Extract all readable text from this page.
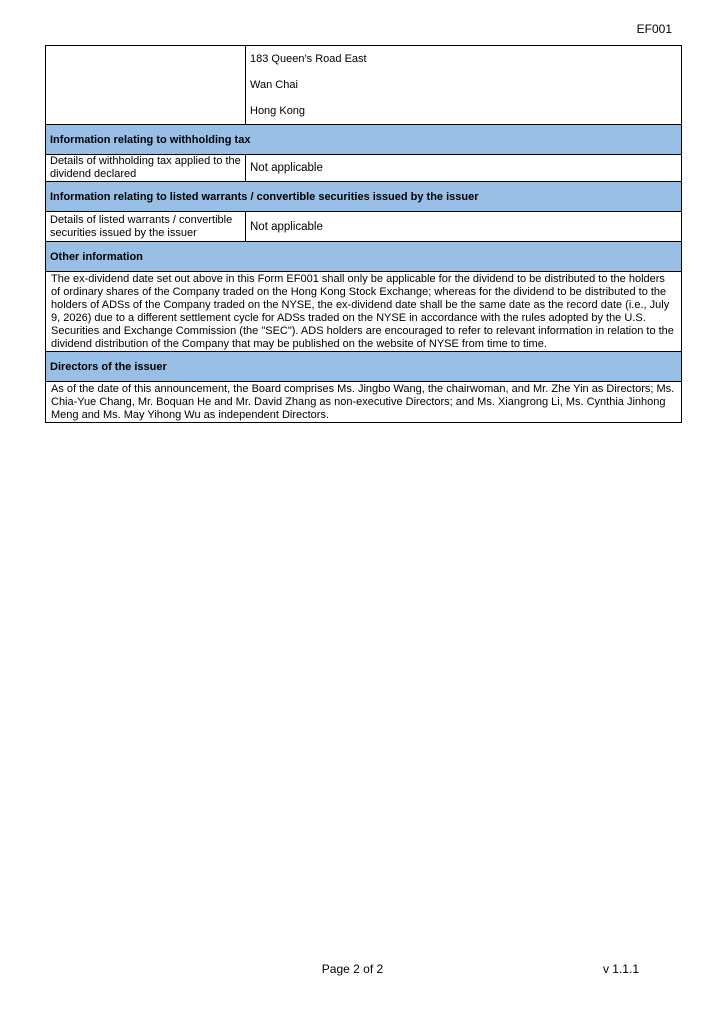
EF001

	183 Queen’s Road East
Wan Chai
Hong Kong

Information relating to withholding tax	
Details of withholding tax applied to the dividend declared	Not applicable
Information relating to listed warrants / convertible securities issued by the issuer	
Details of listed warrants / convertible securities issued by the issuer	Not applicable
Other information	
The ex-dividend date set out above in this Form EF001 shall only be applicable for the dividend to be distributed to the holders of ordinary shares of the Company traded on the Hong Kong Stock Exchange; whereas for the dividend to be distributed to the holders of ADSs of the Company traded on the NYSE, the ex-dividend date shall be the same date as the record date (i.e., July 9, 2026) due to a different settlement cycle for ADSs traded on the NYSE in accordance with the rules adopted by the U.S. Securities and Exchange Commission (the "SEC"). ADS holders are encouraged to refer to relevant information in relation to the dividend distribution of the Company that may be published on the website of NYSE from time to time.	
Directors of the issuer	
As of the date of this announcement, the Board comprises Ms. Jingbo Wang, the chairwoman, and Mr. Zhe Yin as Directors; Ms. Chia-Yue Chang, Mr. Boquan He and Mr. David Zhang as non-executive Directors; and Ms. Xiangrong Li, Ms. Cynthia Jinhong Meng and Ms. May Yihong Wu as independent Directors.	
Page 2 of 2	v 1.1.1
